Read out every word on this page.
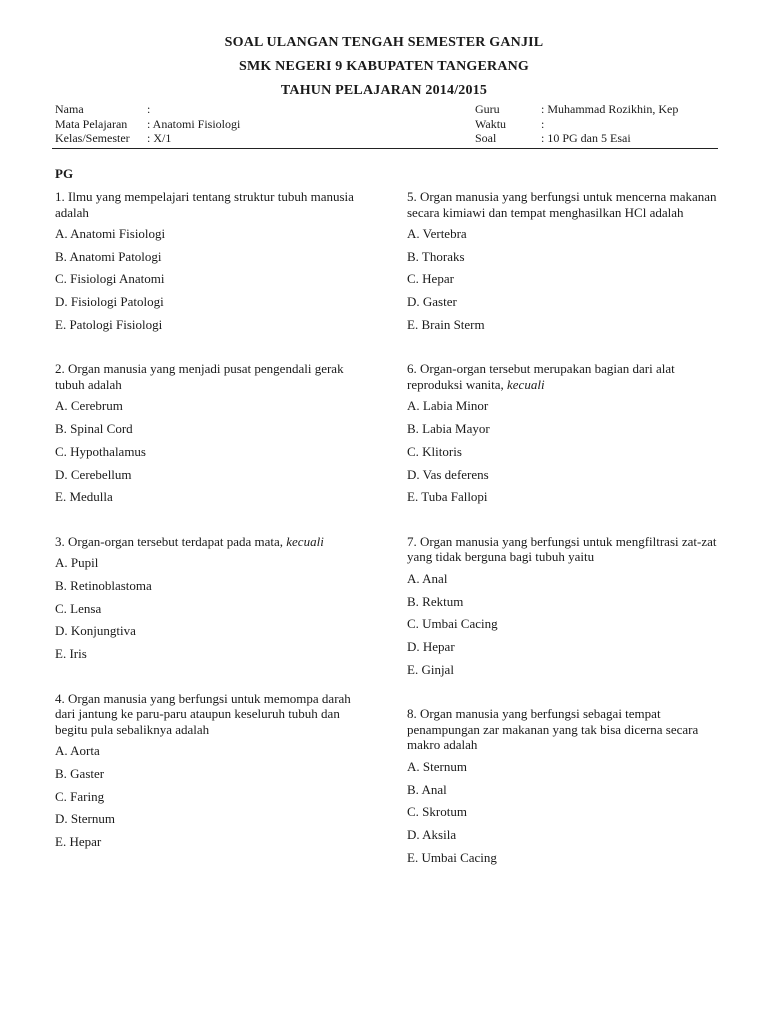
SOAL ULANGAN TENGAH SEMESTER GANJIL
SMK NEGERI 9 KABUPATEN TANGERANG
TAHUN PELAJARAN 2014/2015
Nama	:
Mata Pelajaran	: Anatomi Fisiologi
Kelas/Semester	: X/1
Guru	: Muhammad Rozikhin, Kep
Waktu	:
Soal	: 10 PG dan 5 Esai
PG
1. Ilmu yang mempelajari tentang struktur tubuh manusia adalah
A. Anatomi Fisiologi
B. Anatomi Patologi
C. Fisiologi Anatomi
D. Fisiologi Patologi
E. Patologi Fisiologi
2. Organ manusia yang menjadi pusat pengendali gerak tubuh adalah
A. Cerebrum
B. Spinal Cord
C. Hypothalamus
D. Cerebellum
E. Medulla
3. Organ-organ tersebut terdapat pada mata, kecuali
A. Pupil
B. Retinoblastoma
C. Lensa
D. Konjungtiva
E. Iris
4. Organ manusia yang berfungsi untuk memompa darah dari jantung ke paru-paru ataupun keseluruh tubuh dan begitu pula sebaliknya adalah
A. Aorta
B. Gaster
C. Faring
D. Sternum
E. Hepar
5. Organ manusia yang berfungsi untuk mencerna makanan secara kimiawi dan tempat menghasilkan HCl adalah
A. Vertebra
B. Thoraks
C. Hepar
D. Gaster
E. Brain Sterm
6. Organ-organ tersebut merupakan bagian dari alat reproduksi wanita, kecuali
A. Labia Minor
B. Labia Mayor
C. Klitoris
D. Vas deferens
E. Tuba Fallopi
7. Organ manusia yang berfungsi untuk mengfiltrasi zat-zat yang tidak berguna bagi tubuh yaitu
A. Anal
B. Rektum
C. Umbai Cacing
D. Hepar
E. Ginjal
8. Organ manusia yang berfungsi sebagai tempat penampungan zar makanan yang tak bisa dicerna secara makro adalah
A. Sternum
B. Anal
C. Skrotum
D. Aksila
E. Umbai Cacing
